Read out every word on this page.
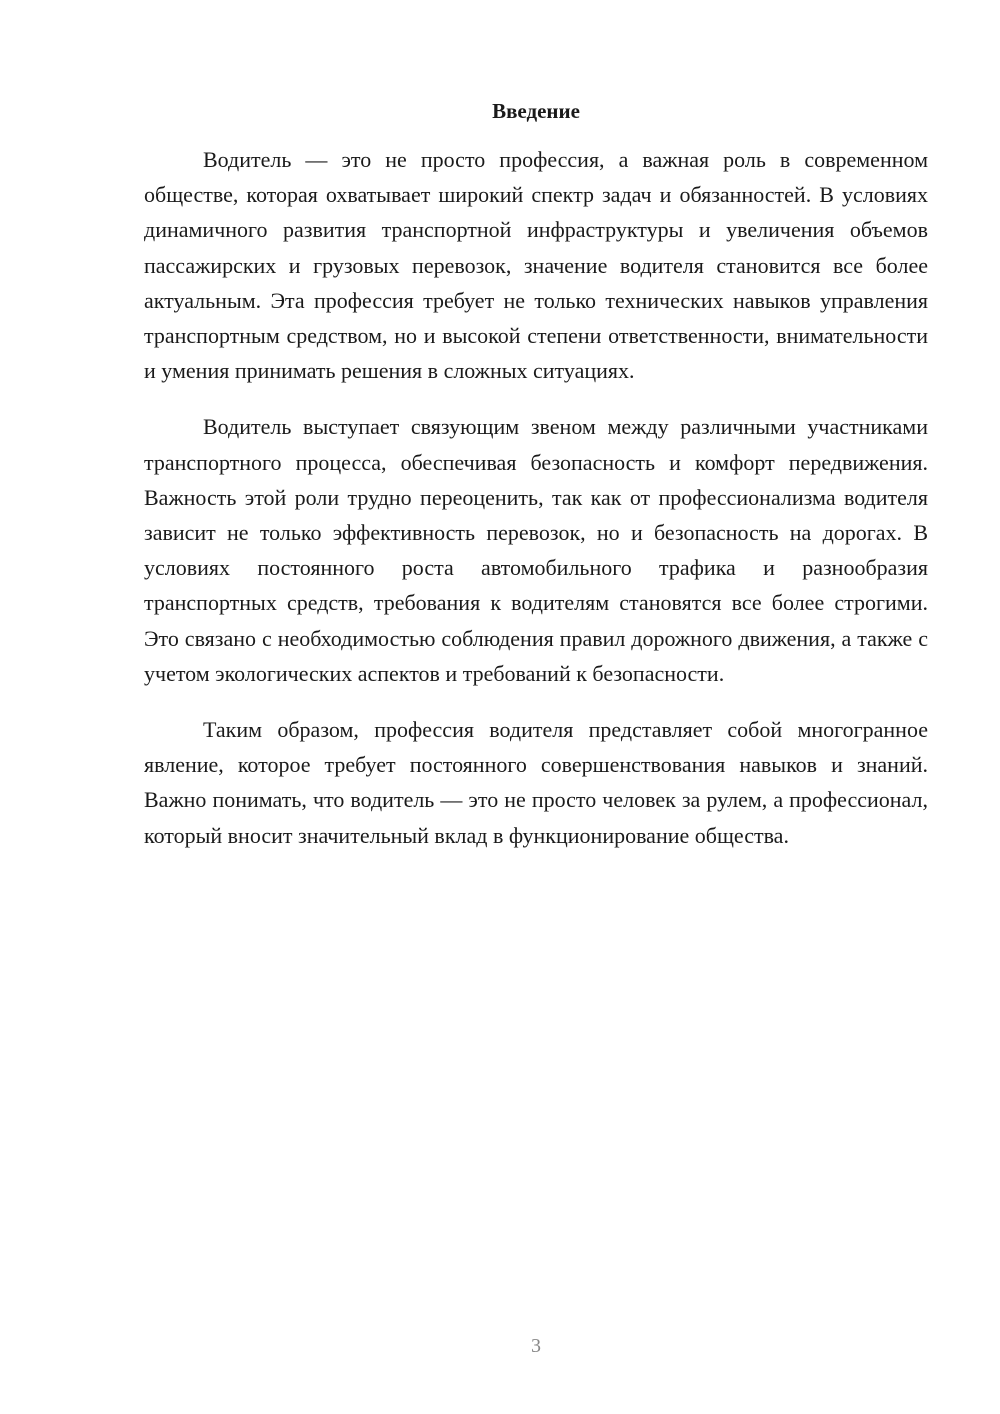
Введение

Водитель — это не просто профессия, а важная роль в современном обществе, которая охватывает широкий спектр задач и обязанностей. В условиях динамичного развития транспортной инфраструктуры и увеличения объемов пассажирских и грузовых перевозок, значение водителя становится все более актуальным. Эта профессия требует не только технических навыков управления транспортным средством, но и высокой степени ответственности, внимательности и умения принимать решения в сложных ситуациях.

Водитель выступает связующим звеном между различными участниками транспортного процесса, обеспечивая безопасность и комфорт передвижения. Важность этой роли трудно переоценить, так как от профессионализма водителя зависит не только эффективность перевозок, но и безопасность на дорогах. В условиях постоянного роста автомобильного трафика и разнообразия транспортных средств, требования к водителям становятся все более строгими. Это связано с необходимостью соблюдения правил дорожного движения, а также с учетом экологических аспектов и требований к безопасности.

Таким образом, профессия водителя представляет собой многогранное явление, которое требует постоянного совершенствования навыков и знаний. Важно понимать, что водитель — это не просто человек за рулем, а профессионал, который вносит значительный вклад в функционирование общества.

3
